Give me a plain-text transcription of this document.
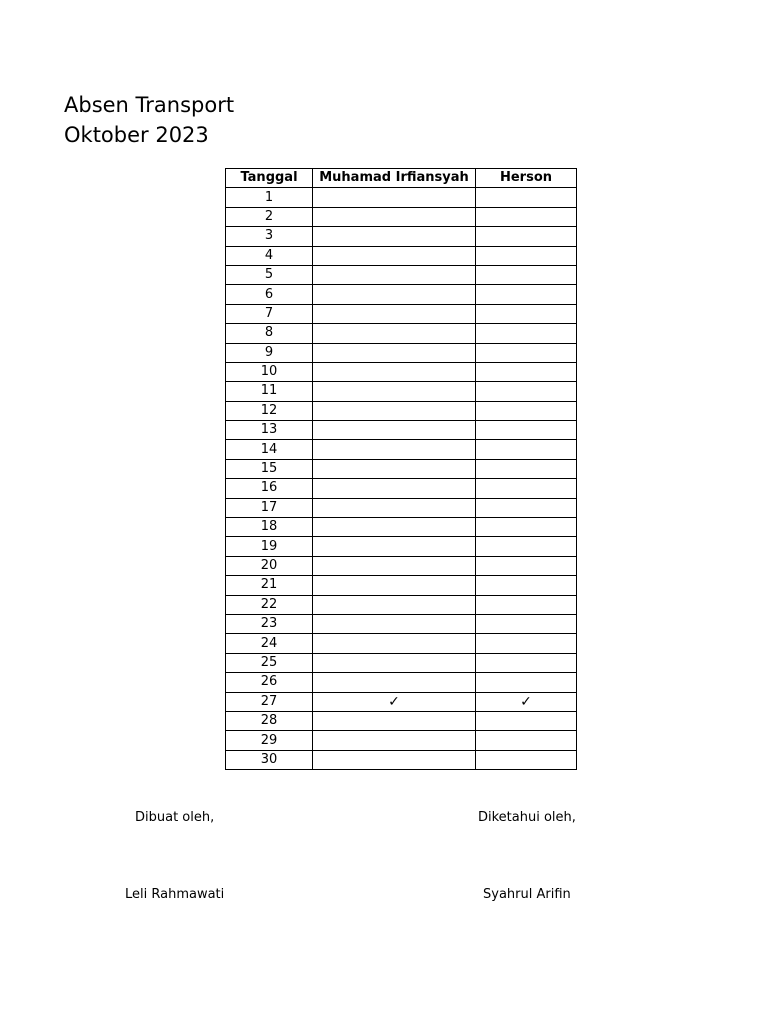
Absen Transport
Oktober 2023
Tanggal	Muhamad Irfiansyah	Herson
1		
2		
3		
4		
5		
6		
7		
8		
9		
10		
11		
12		
13		
14		
15		
16		
17		
18		
19		
20		
21		
22		
23		
24		
25		
26		
27	✓	✓
28		
29		
30		
Dibuat oleh,
Leli Rahmawati
Diketahui oleh,
Syahrul Arifin
